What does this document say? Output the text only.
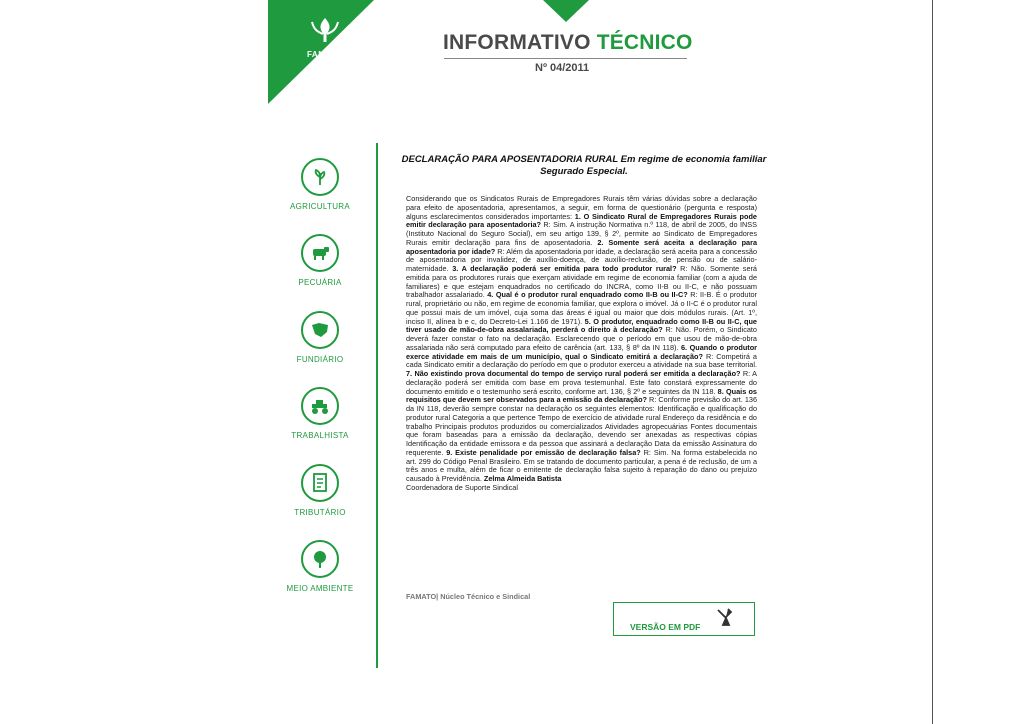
FAMATO
INFORMATIVO TÉCNICO
Nº 04/2011
AGRICULTURA
PECUÁRIA
FUNDIÁRIO
TRABALHISTA
TRIBUTÁRIO
MEIO AMBIENTE
DECLARAÇÃO PARA APOSENTADORIA RURAL Em regime de economia familiar Segurado Especial.
Considerando que os Sindicatos Rurais de Empregadores Rurais têm várias dúvidas sobre a declaração para efeito de aposentadoria, apresentamos, a seguir, em forma de questionário (pergunta e resposta) alguns esclarecimentos considerados importantes: 1. O Sindicato Rural de Empregadores Rurais pode emitir declaração para aposentadoria? R: Sim. A instrução Normativa n.º 118, de abril de 2005, do INSS (Instituto Nacional do Seguro Social), em seu artigo 139, § 2º, permite ao Sindicato de Empregadores Rurais emitir declaração para fins de aposentadoria. 2. Somente será aceita a declaração para aposentadoria por idade? R: Além da aposentadoria por idade, a declaração será aceita para a concessão de aposentadoria por invalidez, de auxílio-doença, de auxílio-reclusão, de pensão ou de salário-maternidade. 3. A declaração poderá ser emitida para todo produtor rural? R: Não. Somente será emitida para os produtores rurais que exerçam atividade em regime de economia familiar (com a ajuda de familiares) e que estejam enquadrados no certificado do INCRA, como II-B ou II-C, e não possuam trabalhador assalariado. 4. Qual é o produtor rural enquadrado como II-B ou II-C? R: II-B. É o produtor rural, proprietário ou não, em regime de economia familiar, que explora o imóvel. Já o II-C é o produtor rural que possui mais de um imóvel, cuja soma das áreas é igual ou maior que dois módulos rurais. (Art. 1º, inciso II, alínea b e c, do Decreto-Lei 1.166 de 1971). 5. O produtor, enquadrado como II-B ou II-C, que tiver usado de mão-de-obra assalariada, perderá o direito à declaração? R: Não. Porém, o Sindicato deverá fazer constar o fato na declaração. Esclarecendo que o período em que usou de mão-de-obra assalariada não será computado para efeito de carência (art. 133, § 8º da IN 118). 6. Quando o produtor exerce atividade em mais de um município, qual o Sindicato emitirá a declaração? R: Competirá a cada Sindicato emitir a declaração do período em que o produtor exerceu a atividade na sua base territorial. 7. Não existindo prova documental do tempo de serviço rural poderá ser emitida a declaração? R: A declaração poderá ser emitida com base em prova testemunhal. Este fato constará expressamente do documento emitido e o testemunho será escrito, conforme art. 136, § 2º e seguintes da IN 118. 8. Quais os requisitos que devem ser observados para a emissão da declaração? R: Conforme previsão do art. 136 da IN 118, deverão sempre constar na declaração os seguintes elementos: Identificação e qualificação do produtor rural Categoria a que pertence Tempo de exercício de atividade rural Endereço da residência e do trabalho Principais produtos produzidos ou comercializados Atividades agropecuárias Fontes documentais que foram baseadas para a emissão da declaração, devendo ser anexadas as respectivas cópias Identificação da entidade emissora e da pessoa que assinará a declaração Data da emissão Assinatura do requerente. 9. Existe penalidade por emissão de declaração falsa? R: Sim. Na forma estabelecida no art. 299 do Código Penal Brasileiro. Em se tratando de documento particular, a pena é de reclusão, de um a três anos e multa, além de ficar o emitente de declaração falsa sujeito à reparação do dano ou prejuízo causado à Previdência. Zelma Almeida Batista
Coordenadora de Suporte Sindical
FAMATO| Núcleo Técnico e Sindical
VERSÃO EM PDF
